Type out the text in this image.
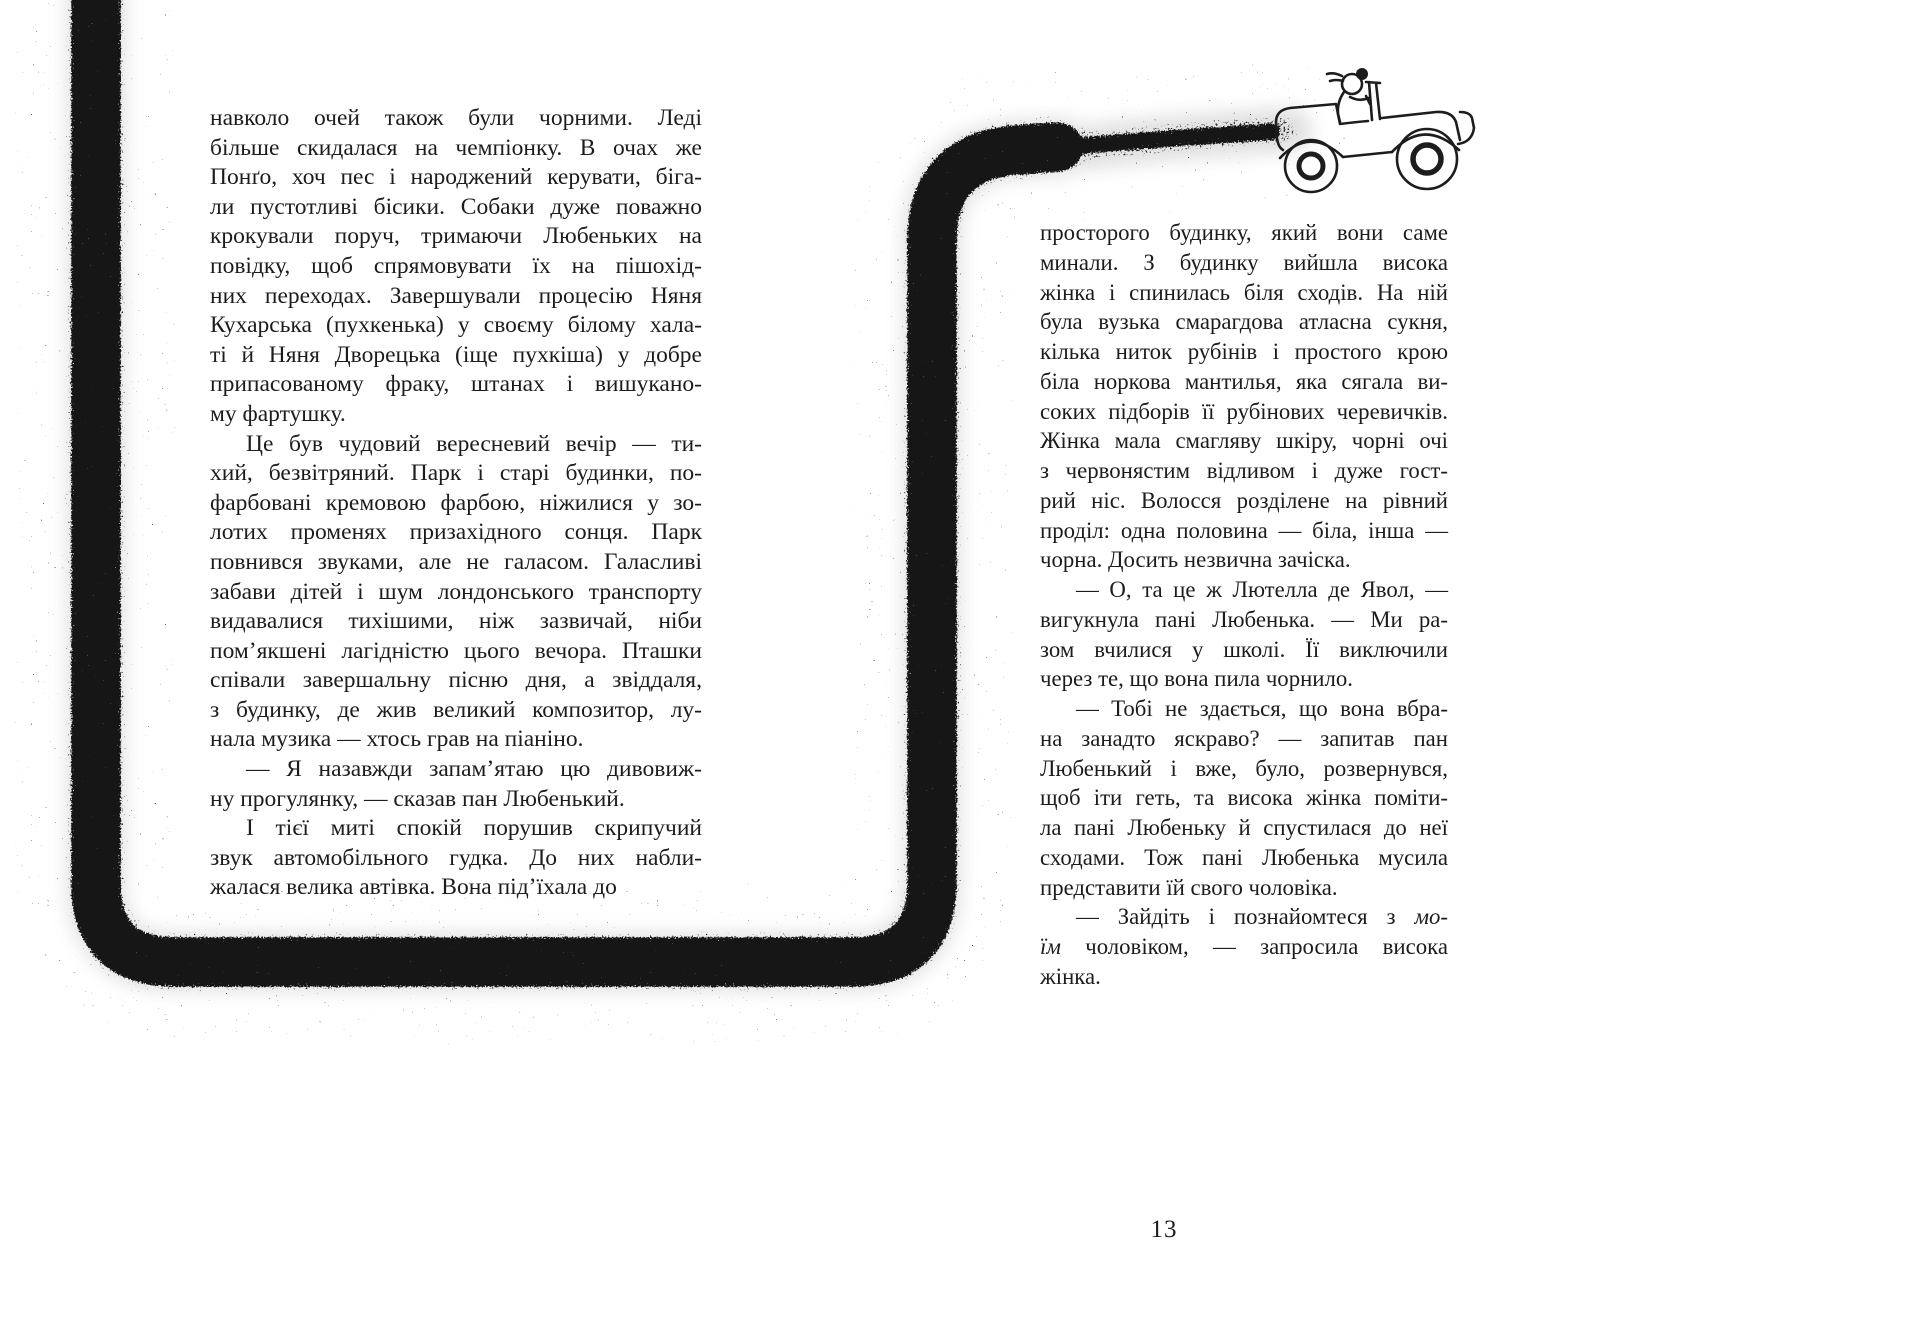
навколо очей також були чорними. Леді
більше скидалася на чемпіонку. В очах же
Понґо, хоч пес і народжений керувати, біга-
ли пустотливі бісики. Собаки дуже поважно
крокували поруч, тримаючи Любеньких на
повідку, щоб спрямовувати їх на пішохід-
них переходах. Завершували процесію Няня
Кухарська (пухкенька) у своєму білому хала-
ті й Няня Дворецька (іще пухкіша) у добре
припасованому фраку, штанах і вишукано-
му фартушку.
Це був чудовий вересневий вечір — ти-
хий, безвітряний. Парк і старі будинки, по-
фарбовані кремовою фарбою, ніжилися у зо-
лотих променях призахідного сонця. Парк
повнився звуками, але не галасом. Галасливі
забави дітей і шум лондонського транспорту
видавалися тихішими, ніж зазвичай, ніби
пом’якшені лагідністю цього вечора. Пташки
співали завершальну пісню дня, а звіддаля,
з будинку, де жив великий композитор, лу-
нала музика — хтось грав на піаніно.
— Я назавжди запам’ятаю цю дивовиж-
ну прогулянку, — сказав пан Любенький.
І тієї миті спокій порушив скрипучий
звук автомобільного гудка. До них набли-
жалася велика автівка. Вона під’їхала до
просторого будинку, який вони саме
минали. З будинку вийшла висока
жінка і спинилась біля сходів. На ній
була вузька смарагдова атласна сукня,
кілька ниток рубінів і простого крою
біла норкова мантилья, яка сягала ви-
соких підборів її рубінових черевичків.
Жінка мала смагляву шкіру, чорні очі
з червонястим відливом і дуже гост-
рий ніс. Волосся розділене на рівний
проділ: одна половина — біла, інша —
чорна. Досить незвична зачіска.
— О, та це ж Лютелла де Явол, —
вигукнула пані Любенька. — Ми ра-
зом вчилися у школі. Її виключили
через те, що вона пила чорнило.
— Тобі не здається, що вона вбра-
на занадто яскраво? — запитав пан
Любенький і вже, було, розвернувся,
щоб іти геть, та висока жінка поміти-
ла пані Любеньку й спустилася до неї
сходами. Тож пані Любенька мусила
представити їй свого чоловіка.
— Зайдіть і познайомтеся з мо-
їм чоловіком, — запросила висока
жінка.
13
